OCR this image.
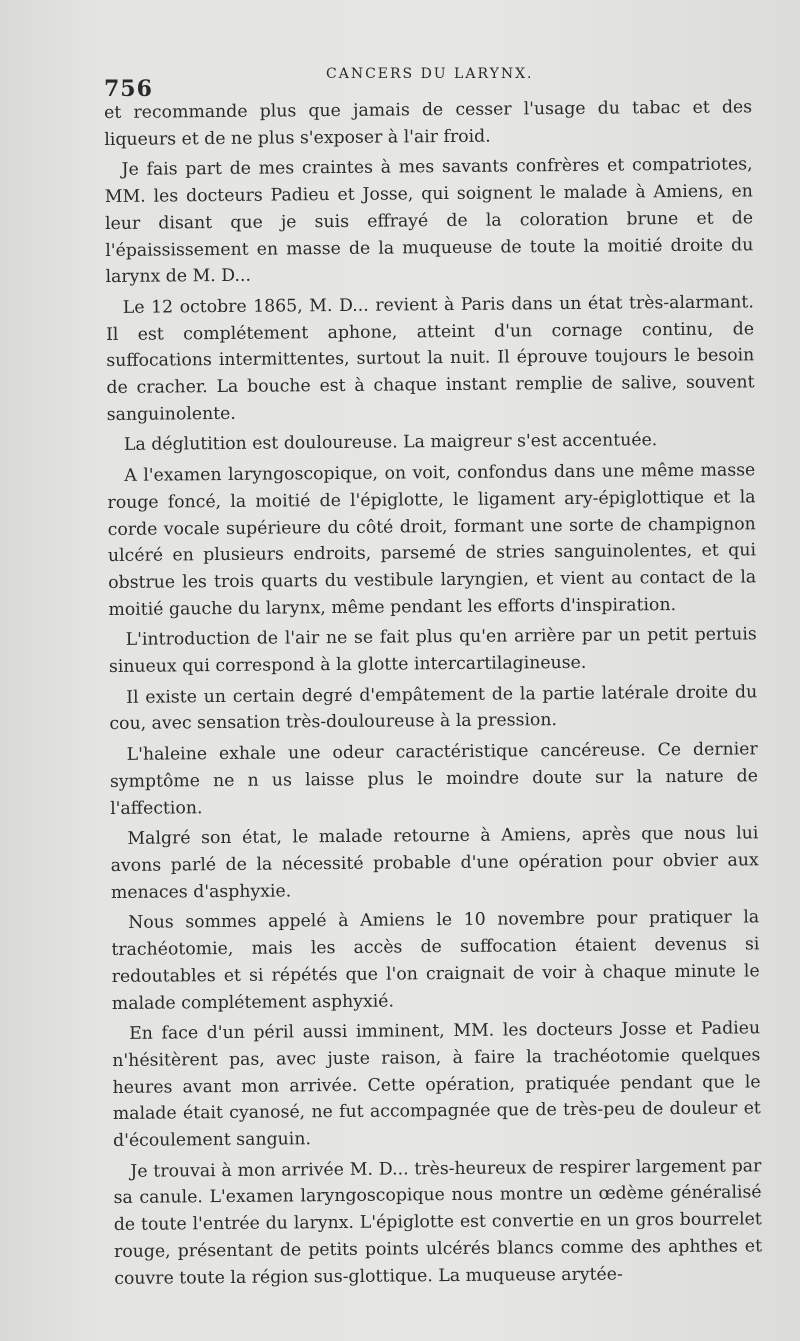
756
CANCERS DU LARYNX.

et recommande plus que jamais de cesser l'usage du tabac et des liqueurs et de ne plus s'exposer à l'air froid.

Je fais part de mes craintes à mes savants confrères et compatriotes, MM. les docteurs Padieu et Josse, qui soignent le malade à Amiens, en leur disant que je suis effrayé de la coloration brune et de l'épaississement en masse de la muqueuse de toute la moitié droite du larynx de M. D...

Le 12 octobre 1865, M. D... revient à Paris dans un état très-alarmant. Il est complétement aphone, atteint d'un cornage continu, de suffocations intermittentes, surtout la nuit. Il éprouve toujours le besoin de cracher. La bouche est à chaque instant remplie de salive, souvent sanguinolente.

La déglutition est douloureuse. La maigreur s'est accentuée.

A l'examen laryngoscopique, on voit, confondus dans une même masse rouge foncé, la moitié de l'épiglotte, le ligament ary-épiglottique et la corde vocale supérieure du côté droit, formant une sorte de champignon ulcéré en plusieurs endroits, parsemé de stries sanguinolentes, et qui obstrue les trois quarts du vestibule laryngien, et vient au contact de la moitié gauche du larynx, même pendant les efforts d'inspiration.

L'introduction de l'air ne se fait plus qu'en arrière par un petit pertuis sinueux qui correspond à la glotte intercartilagineuse.

Il existe un certain degré d'empâtement de la partie latérale droite du cou, avec sensation très-douloureuse à la pression.

L'haleine exhale une odeur caractéristique cancéreuse. Ce dernier symptôme ne n us laisse plus le moindre doute sur la nature de l'affection.

Malgré son état, le malade retourne à Amiens, après que nous lui avons parlé de la nécessité probable d'une opération pour obvier aux menaces d'asphyxie.

Nous sommes appelé à Amiens le 10 novembre pour pratiquer la trachéotomie, mais les accès de suffocation étaient devenus si redoutables et si répétés que l'on craignait de voir à chaque minute le malade complétement asphyxié.

En face d'un péril aussi imminent, MM. les docteurs Josse et Padieu n'hésitèrent pas, avec juste raison, à faire la trachéotomie quelques heures avant mon arrivée. Cette opération, pratiquée pendant que le malade était cyanosé, ne fut accompagnée que de très-peu de douleur et d'écoulement sanguin.

Je trouvai à mon arrivée M. D... très-heureux de respirer largement par sa canule. L'examen laryngoscopique nous montre un œdème généralisé de toute l'entrée du larynx. L'épiglotte est convertie en un gros bourrelet rouge, présentant de petits points ulcérés blancs comme des aphthes et couvre toute la région sus-glottique. La muqueuse arytée-
